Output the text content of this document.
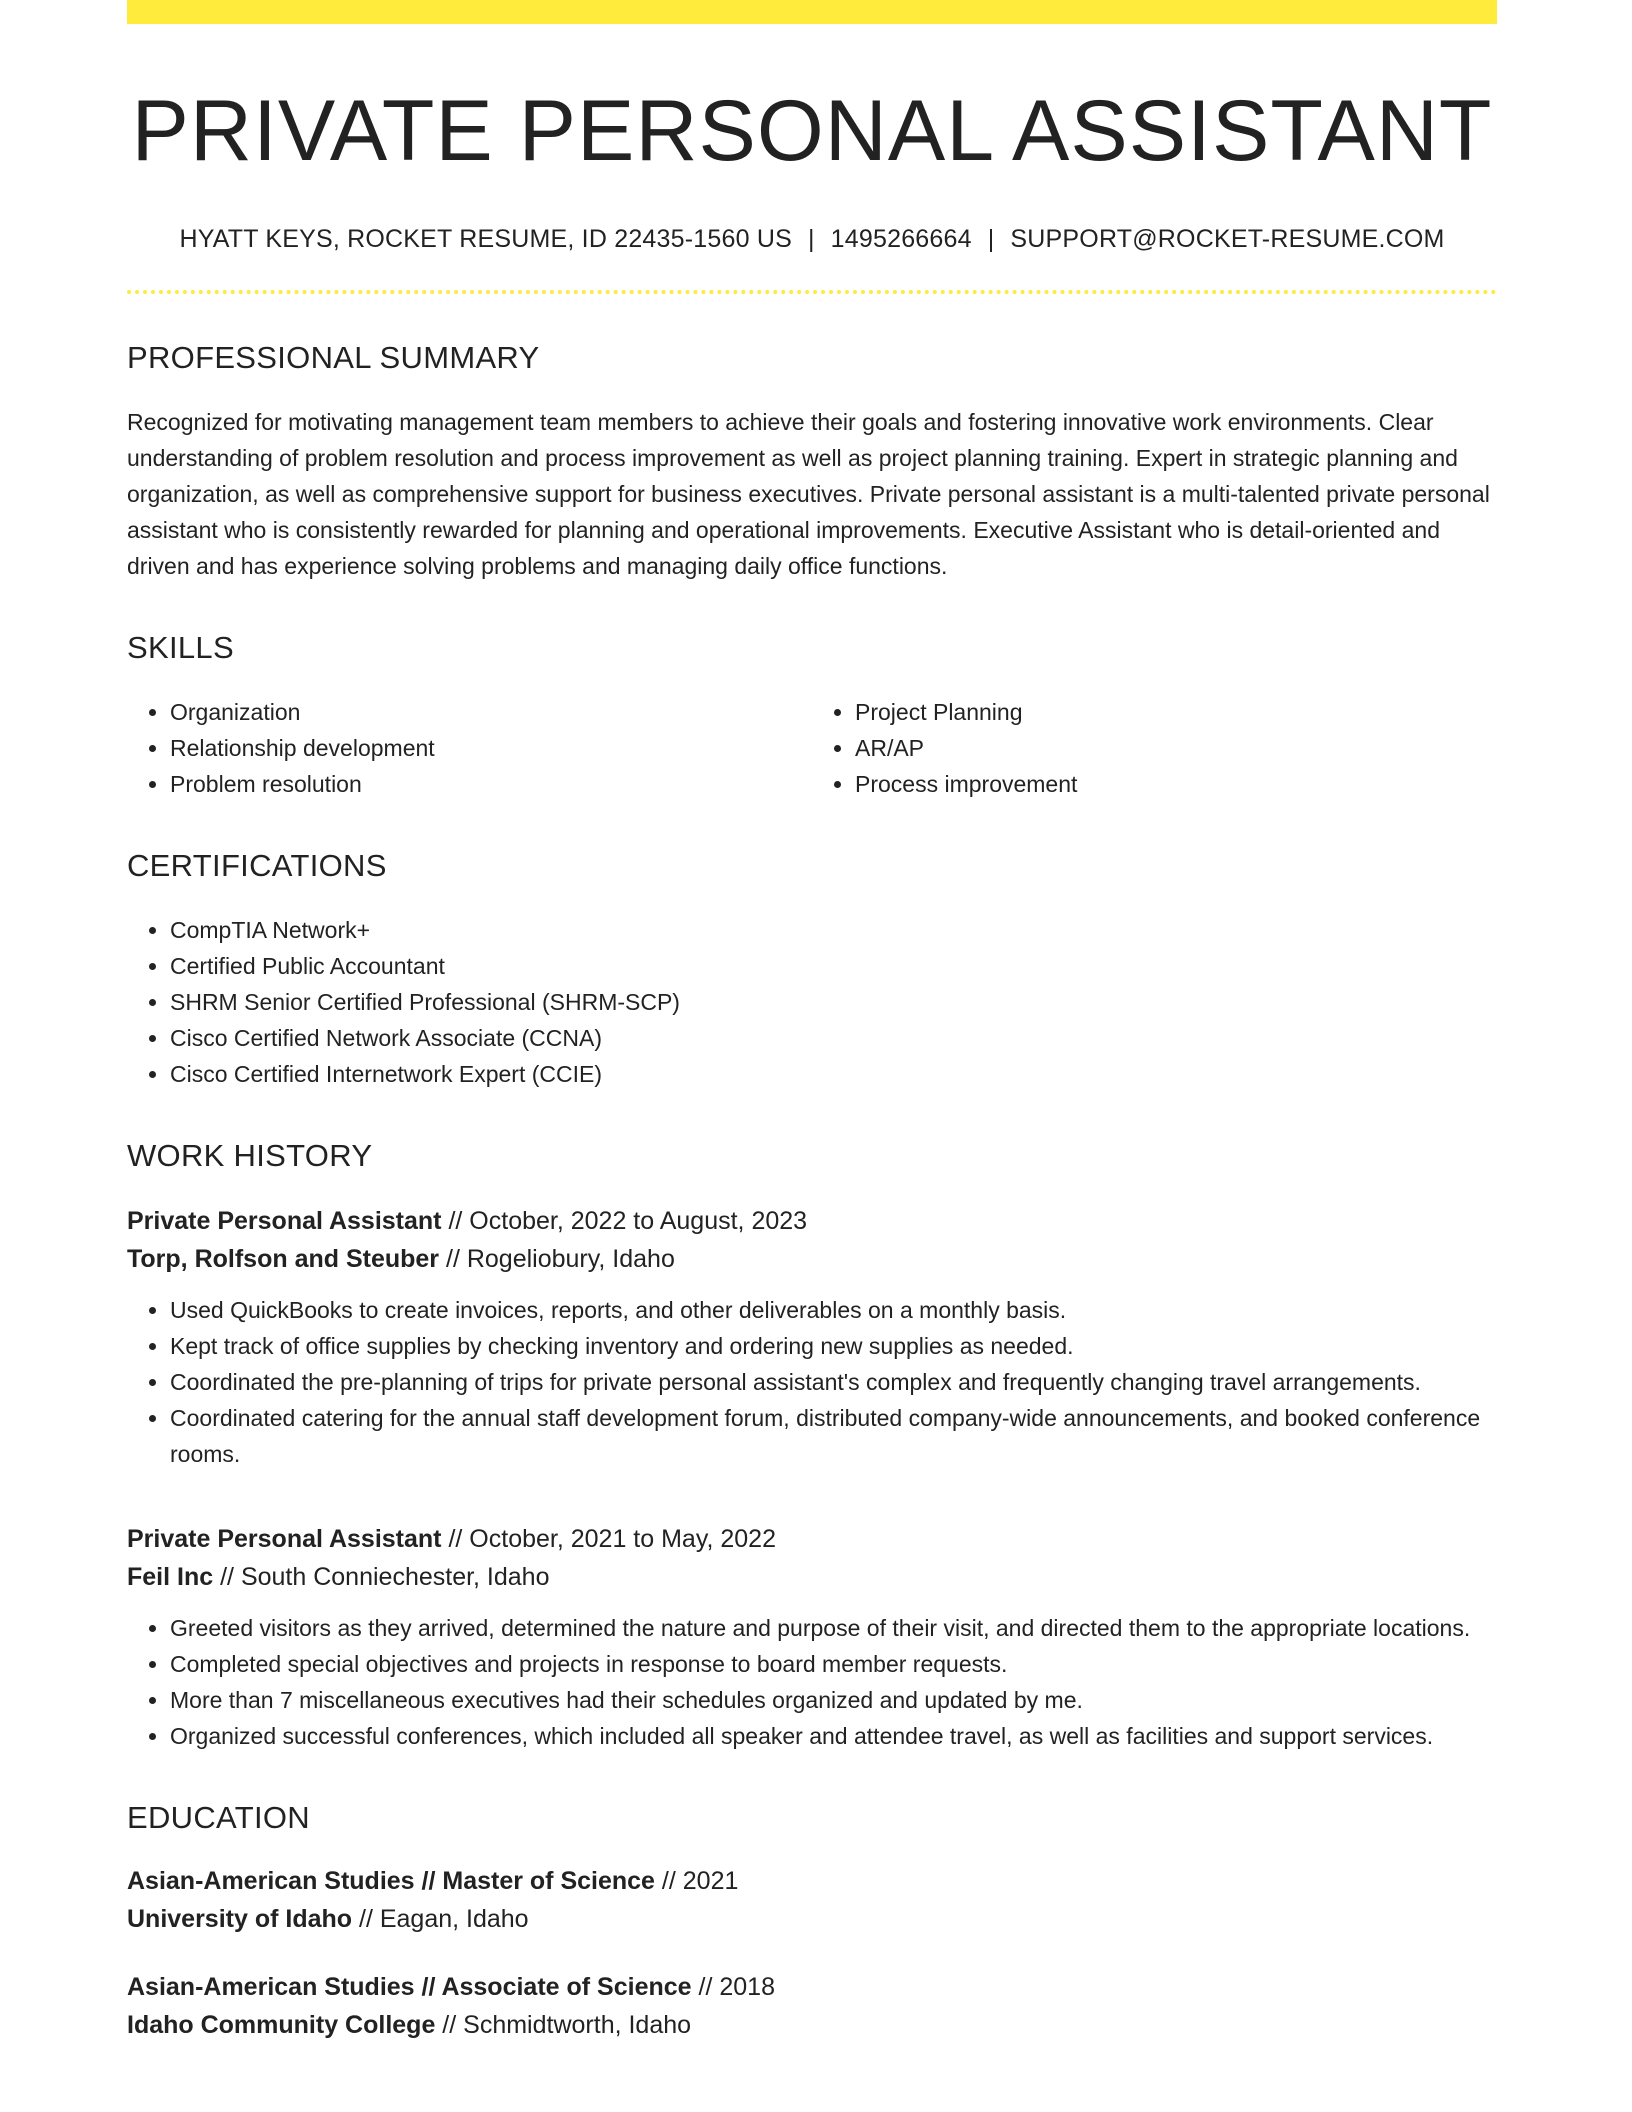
PRIVATE PERSONAL ASSISTANT
HYATT KEYS, ROCKET RESUME, ID 22435-1560 US | 1495266664 | SUPPORT@ROCKET-RESUME.COM
PROFESSIONAL SUMMARY

Recognized for motivating management team members to achieve their goals and fostering innovative work environments. Clear understanding of problem resolution and process improvement as well as project planning training. Expert in strategic planning and organization, as well as comprehensive support for business executives. Private personal assistant is a multi-talented private personal assistant who is consistently rewarded for planning and operational improvements. Executive Assistant who is detail-oriented and driven and has experience solving problems and managing daily office functions.

SKILLS
• Organization
• Relationship development
• Problem resolution
• Project Planning
• AR/AP
• Process improvement
CERTIFICATIONS
• CompTIA Network+
• Certified Public Accountant
• SHRM Senior Certified Professional (SHRM-SCP)
• Cisco Certified Network Associate (CCNA)
• Cisco Certified Internetwork Expert (CCIE)
WORK HISTORY
Private Personal Assistant // October, 2022 to August, 2023
Torp, Rolfson and Steuber // Rogeliobury, Idaho
• Used QuickBooks to create invoices, reports, and other deliverables on a monthly basis.
• Kept track of office supplies by checking inventory and ordering new supplies as needed.
• Coordinated the pre-planning of trips for private personal assistant's complex and frequently changing travel arrangements.
• Coordinated catering for the annual staff development forum, distributed company-wide announcements, and booked conference rooms.
Private Personal Assistant // October, 2021 to May, 2022
Feil Inc // South Conniechester, Idaho
• Greeted visitors as they arrived, determined the nature and purpose of their visit, and directed them to the appropriate locations.
• Completed special objectives and projects in response to board member requests.
• More than 7 miscellaneous executives had their schedules organized and updated by me.
• Organized successful conferences, which included all speaker and attendee travel, as well as facilities and support services.
EDUCATION
Asian-American Studies // Master of Science // 2021
University of Idaho // Eagan, Idaho
Asian-American Studies // Associate of Science // 2018
Idaho Community College // Schmidtworth, Idaho
